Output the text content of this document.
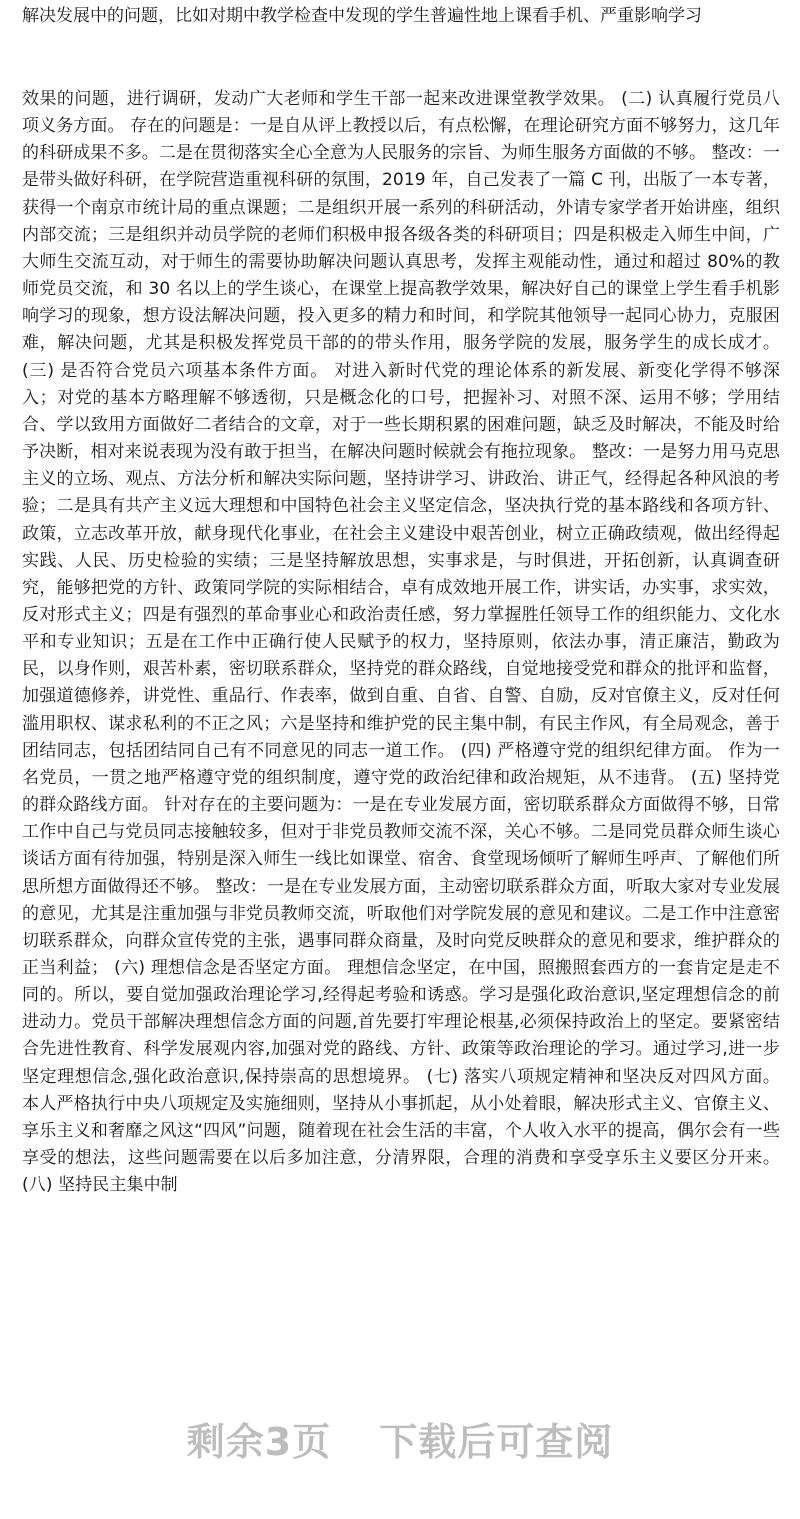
解决发展中的问题，比如对期中教学检查中发现的学生普遍性地上课看手机、严重影响学习
效果的问题，进行调研，发动广大老师和学生干部一起来改进课堂教学效果。 (二) 认真履行党员八项义务方面。 存在的问题是：一是自从评上教授以后，有点松懈，在理论研究方面不够努力，这几年的科研成果不多。二是在贯彻落实全心全意为人民服务的宗旨、为师生服务方面做的不够。 整改：一是带头做好科研，在学院营造重视科研的氛围，2019 年，自己发表了一篇 C 刊，出版了一本专著，获得一个南京市统计局的重点课题；二是组织开展一系列的科研活动，外请专家学者开始讲座，组织内部交流；三是组织并动员学院的老师们积极申报各级各类的科研项目；四是积极走入师生中间，广大师生交流互动，对于师生的需要协助解决问题认真思考，发挥主观能动性，通过和超过 80%的教师党员交流，和 30 名以上的学生谈心，在课堂上提高教学效果，解决好自己的课堂上学生看手机影响学习的现象，想方设法解决问题，投入更多的精力和时间，和学院其他领导一起同心协力，克服困难，解决问题，尤其是积极发挥党员干部的的带头作用，服务学院的发展，服务学生的成长成才。(三) 是否符合党员六项基本条件方面。 对进入新时代党的理论体系的新发展、新变化学得不够深入；对党的基本方略理解不够透彻，只是概念化的口号，把握补习、对照不深、运用不够；学用结合、学以致用方面做好二者结合的文章，对于一些长期积累的困难问题，缺乏及时解决，不能及时给予决断，相对来说表现为没有敢于担当，在解决问题时候就会有拖拉现象。 整改：一是努力用马克思主义的立场、观点、方法分析和解决实际问题，坚持讲学习、讲政治、讲正气，经得起各种风浪的考验；二是具有共产主义远大理想和中国特色社会主义坚定信念，坚决执行党的基本路线和各项方针、政策，立志改革开放，献身现代化事业，在社会主义建设中艰苦创业，树立正确政绩观，做出经得起实践、人民、历史检验的实绩；三是坚持解放思想，实事求是，与时俱进，开拓创新，认真调查研究，能够把党的方针、政策同学院的实际相结合，卓有成效地开展工作，讲实话，办实事，求实效，反对形式主义；四是有强烈的革命事业心和政治责任感，努力掌握胜任领导工作的组织能力、文化水平和专业知识；五是在工作中正确行使人民赋予的权力，坚持原则，依法办事，清正廉洁，勤政为民，以身作则，艰苦朴素，密切联系群众，坚持党的群众路线，自觉地接受党和群众的批评和监督，加强道德修养，讲党性、重品行、作表率，做到自重、自省、自警、自励，反对官僚主义，反对任何滥用职权、谋求私利的不正之风；六是坚持和维护党的民主集中制，有民主作风，有全局观念，善于团结同志，包括团结同自己有不同意见的同志一道工作。 (四) 严格遵守党的组织纪律方面。 作为一名党员，一贯之地严格遵守党的组织制度，遵守党的政治纪律和政治规矩，从不违背。 (五) 坚持党的群众路线方面。 针对存在的主要问题为：一是在专业发展方面，密切联系群众方面做得不够，日常工作中自己与党员同志接触较多，但对于非党员教师交流不深，关心不够。二是同党员群众师生谈心谈话方面有待加强，特别是深入师生一线比如课堂、宿舍、食堂现场倾听了解师生呼声、了解他们所思所想方面做得还不够。 整改：一是在专业发展方面，主动密切联系群众方面，听取大家对专业发展的意见，尤其是注重加强与非党员教师交流，听取他们对学院发展的意见和建议。二是工作中注意密切联系群众，向群众宣传党的主张，遇事同群众商量，及时向党反映群众的意见和要求，维护群众的正当利益； (六) 理想信念是否坚定方面。 理想信念坚定，在中国，照搬照套西方的一套肯定是走不同的。所以，要自觉加强政治理论学习,经得起考验和诱惑。学习是强化政治意识,坚定理想信念的前进动力。党员干部解决理想信念方面的问题,首先要打牢理论根基,必须保持政治上的坚定。要紧密结合先进性教育、科学发展观内容,加强对党的路线、方针、政策等政治理论的学习。通过学习,进一步坚定理想信念,强化政治意识,保持崇高的思想境界。 (七) 落实八项规定精神和坚决反对四风方面。 本人严格执行中央八项规定及实施细则，坚持从小事抓起，从小处着眼，解决形式主义、官僚主义、享乐主义和奢靡之风这“四风”问题，随着现在社会生活的丰富，个人收入水平的提高，偶尔会有一些享受的想法，这些问题需要在以后多加注意，分清界限，合理的消费和享受享乐主义要区分开来。 (八) 坚持民主集中制
剩余3页 下载后可查阅
